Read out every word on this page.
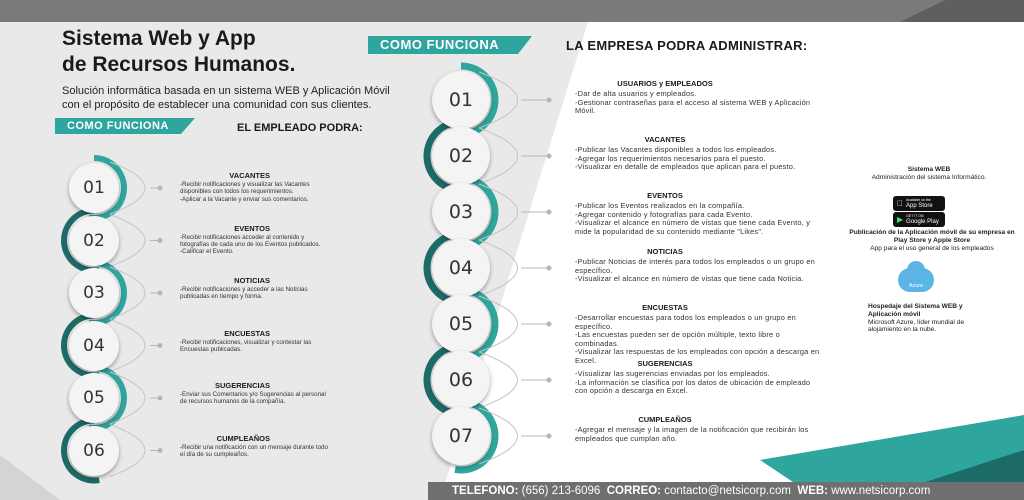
Sistema Web y App
de Recursos Humanos.
Solución informática basada en un sistema WEB y Aplicación Móvil
con el propósito de establecer una comunidad con sus clientes.
COMO FUNCIONA	EL EMPLEADO PODRA:
COMO FUNCIONA	LA EMPRESA PODRA ADMINISTRAR:
01
VACANTES
-Recibir notificaciones y visualizar las Vacantes disponibles con todos los requerimientos.
-Aplicar a la Vacante y enviar sus comentarios.
02
EVENTOS
-Recibir notificaciones acceder al contenido y fotografías de cada uno de los Eventos publicados.
-Calificar el Evento.
03
NOTICIAS
-Recibir notificaciones y acceder a las Noticias publicadas en tiempo y forma.
04
ENCUESTAS
-Recibir notificaciones, visualizar y contestar las Encuestas publicadas.
05
SUGERENCIAS
-Enviar sus Comentarios y/o Sugerencias al personal de recursos humanos de la compañía.
06
CUMPLEAÑOS
-Recibir una notificación con un mensaje durante todo el día de su cumpleaños.
01
USUARIOS y EMPLEADOS
-Dar de alta usuarios y empleados.
-Gestionar contraseñas para el acceso al sistema WEB y Aplicación Móvil.
02
VACANTES
-Publicar las Vacantes disponibles a todos los empleados.
-Agregar los requerimientos necesarios para el puesto.
-Visualizar en detalle de empleados que aplican para el puesto.
03
EVENTOS
-Publicar los Eventos realizados en la compañía.
-Agregar contenido y fotografías para cada Evento.
-Visualizar el alcance en número de vistas que tiene cada Evento, y mide la popularidad de su contenido mediante "Likes".
04
NOTICIAS
-Publicar Noticias de interés para todos los empleados o un grupo en específico.
-Visualizar el alcance en número de vistas que tiene cada Noticia.
05
ENCUESTAS
-Desarrollar encuestas para todos los empleados o un grupo en específico.
-Las encuestas pueden ser de opción múltiple, texto libre o combinadas.
-Visualizar las respuestas de los empleados con opción a descarga en Excel.
06
SUGERENCIAS
-Visualizar las sugerencias enviadas por los empleados.
-La información se clasifica por los datos de ubicación de empleado con opción a descarga en Excel.
07
CUMPLEAÑOS
-Agregar el mensaje y la imagen de la notificación que recibirán los empleados que cumplan año.
Sistema WEB
Administración del sistema Informático.
Available on the
App Store
▶ GET IT ON
Google Play
Publicación de la Aplicación móvil de su empresa en Play Store y Apple Store
App para el uso general de los empleados
Azure
Hospedaje del Sistema WEB y Aplicación móvil
Microsoft Azure, líder mundial de alojamiento en la nube.
TELEFONO: (656) 213-6096 CORREO: contacto@netsicorp.com WEB: www.netsicorp.com
